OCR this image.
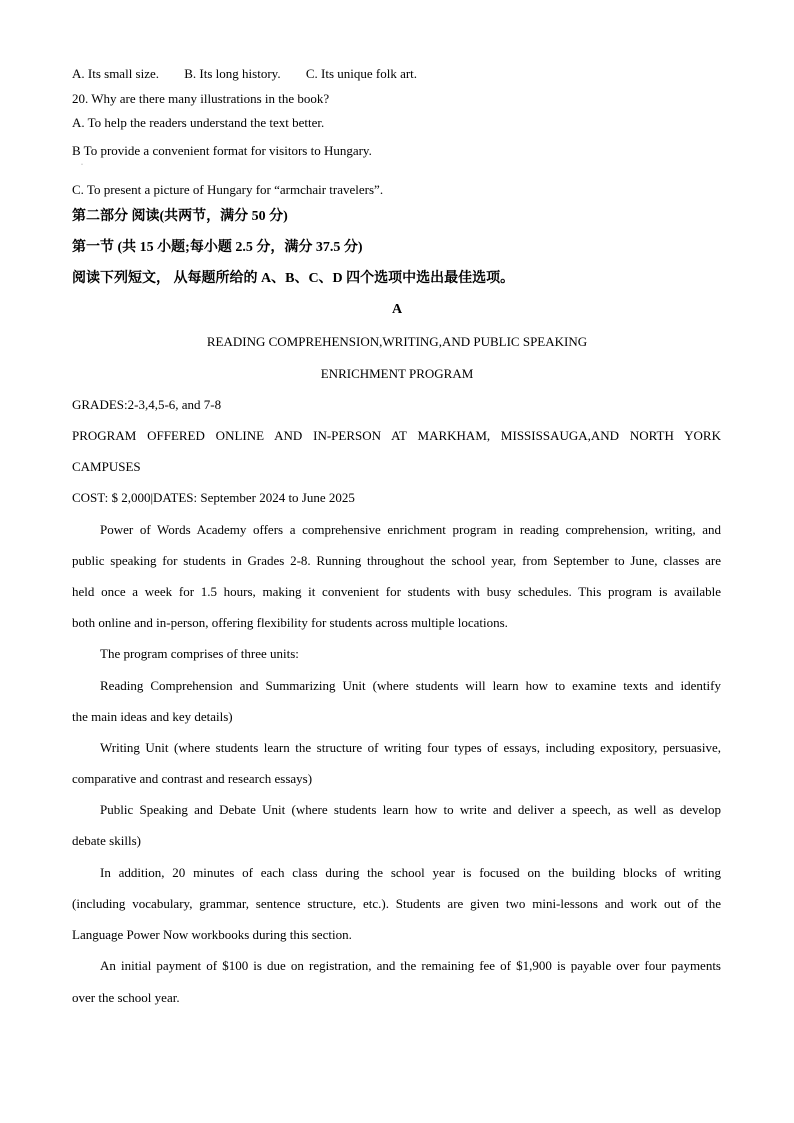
A. Its small size. B. Its long history. C. Its unique folk art.
20. Why are there many illustrations in the book?
A. To help the readers understand the text better.
B To provide a convenient format for visitors to Hungary.
·
C. To present a picture of Hungary for “armchair travelers”.
第二部分 阅读(共两节，满分 50 分)
第一节 (共 15 小题;每小题 2.5 分，满分 37.5 分)
阅读下列短文， 从每题所给的 A、B、C、D 四个选项中选出最佳选项。
A
READING COMPREHENSION,WRITING,AND PUBLIC SPEAKING
ENRICHMENT PROGRAM
GRADES:2-3,4,5-6, and 7-8
PROGRAM OFFERED ONLINE AND IN-PERSON AT MARKHAM, MISSISSAUGA,AND NORTH YORK
CAMPUSES
COST: $ 2,000|DATES: September 2024 to June 2025
Power of Words Academy offers a comprehensive enrichment program in reading comprehension, writing, and
public speaking for students in Grades 2-8. Running throughout the school year, from September to June, classes are
held once a week for 1.5 hours, making it convenient for students with busy schedules. This program is available
both online and in-person, offering flexibility for students across multiple locations.
The program comprises of three units:
Reading Comprehension and Summarizing Unit (where students will learn how to examine texts and identify
the main ideas and key details)
Writing Unit (where students learn the structure of writing four types of essays, including expository, persuasive,
comparative and contrast and research essays)
Public Speaking and Debate Unit (where students learn how to write and deliver a speech, as well as develop
debate skills)
In addition, 20 minutes of each class during the school year is focused on the building blocks of writing
(including vocabulary, grammar, sentence structure, etc.). Students are given two mini-lessons and work out of the
Language Power Now workbooks during this section.
An initial payment of $100 is due on registration, and the remaining fee of $1,900 is payable over four payments
over the school year.
